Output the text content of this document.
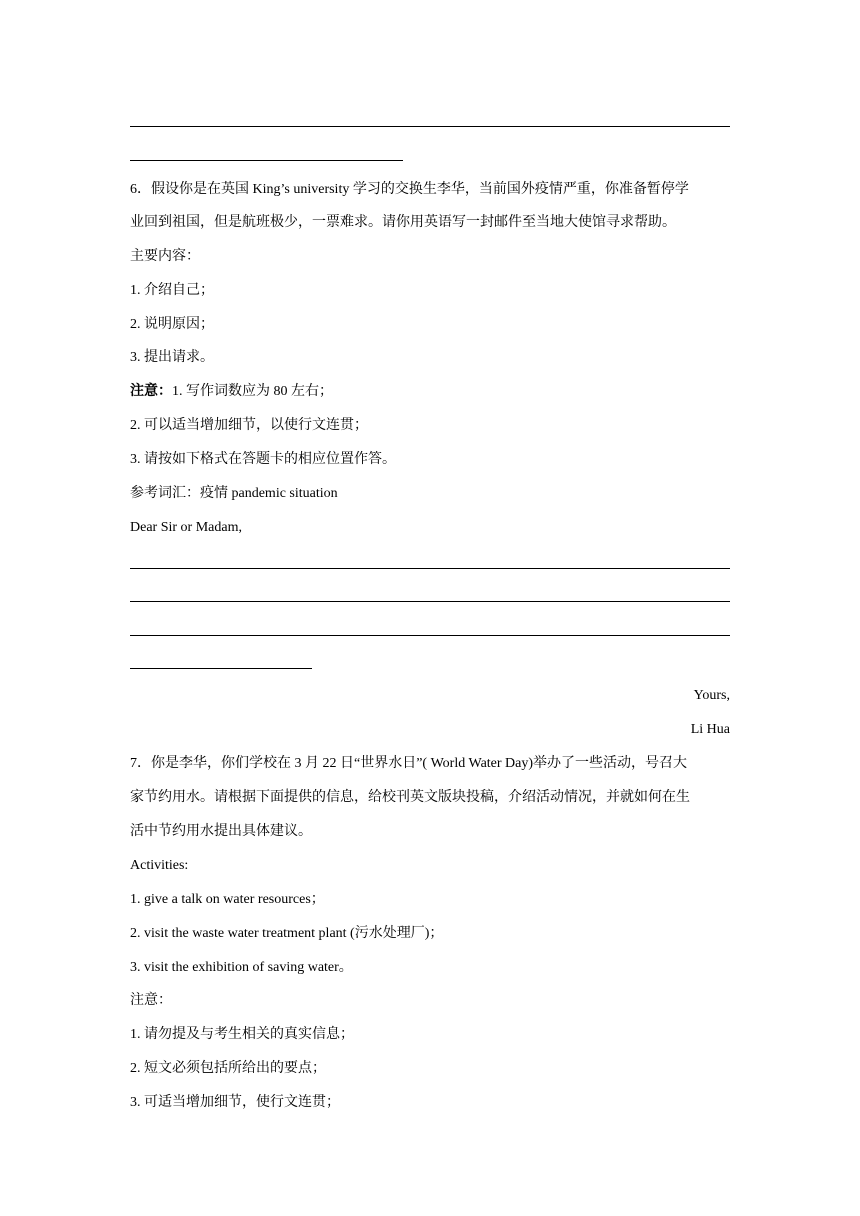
6．假设你是在英国 King’s university 学习的交换生李华，当前国外疫情严重，你准备暂停学
业回到祖国，但是航班极少，一票难求。请你用英语写一封邮件至当地大使馆寻求帮助。
主要内容：
1. 介绍自己；
2. 说明原因；
3. 提出请求。
注意：1. 写作词数应为 80 左右；
2. 可以适当增加细节，以使行文连贯；
3. 请按如下格式在答题卡的相应位置作答。
参考词汇：疫情 pandemic situation
Dear Sir or Madam,
Yours,
Li Hua
7．你是李华，你们学校在 3 月 22 日“世界水日”( World Water Day)举办了一些活动，号召大
家节约用水。请根据下面提供的信息，给校刊英文版块投稿，介绍活动情况，并就如何在生
活中节约用水提出具体建议。
Activities:
1. give a talk on water resources；
2. visit the waste water treatment plant (污水处理厂)；
3. visit the exhibition of saving water。
注意：
1. 请勿提及与考生相关的真实信息；
2. 短文必须包括所给出的要点；
3. 可适当增加细节，使行文连贯；
